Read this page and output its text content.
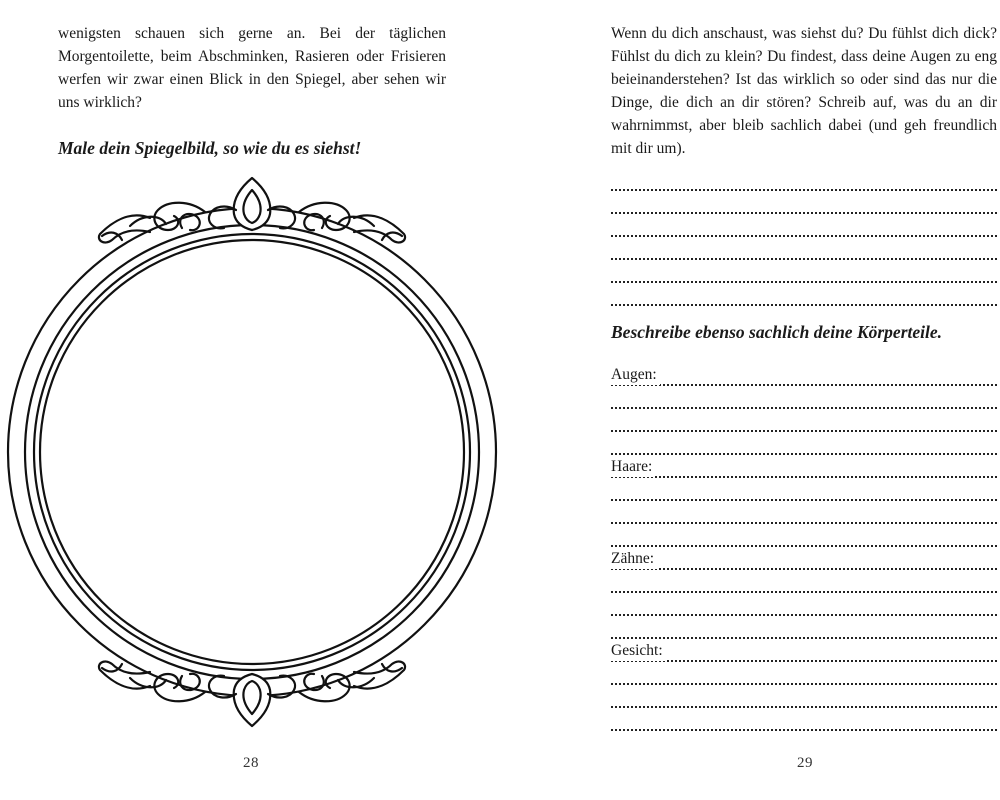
wenigsten schauen sich gerne an. Bei der täglichen Morgentoilette, beim Abschminken, Rasieren oder Frisieren werfen wir zwar einen Blick in den Spiegel, aber sehen wir uns wirklich?

Male dein Spiegelbild, so wie du es siehst!

28

Wenn du dich anschaust, was siehst du? Du fühlst dich dick? Fühlst du dich zu klein? Du findest, dass deine Augen zu eng beieinanderstehen? Ist das wirklich so oder sind das nur die Dinge, die dich an dir stören? Schreib auf, was du an dir wahrnimmst, aber bleib sachlich dabei (und geh freundlich mit dir um).

Beschreibe ebenso sachlich deine Körperteile.

Augen:
Haare:
Zähne:
Gesicht:
29
